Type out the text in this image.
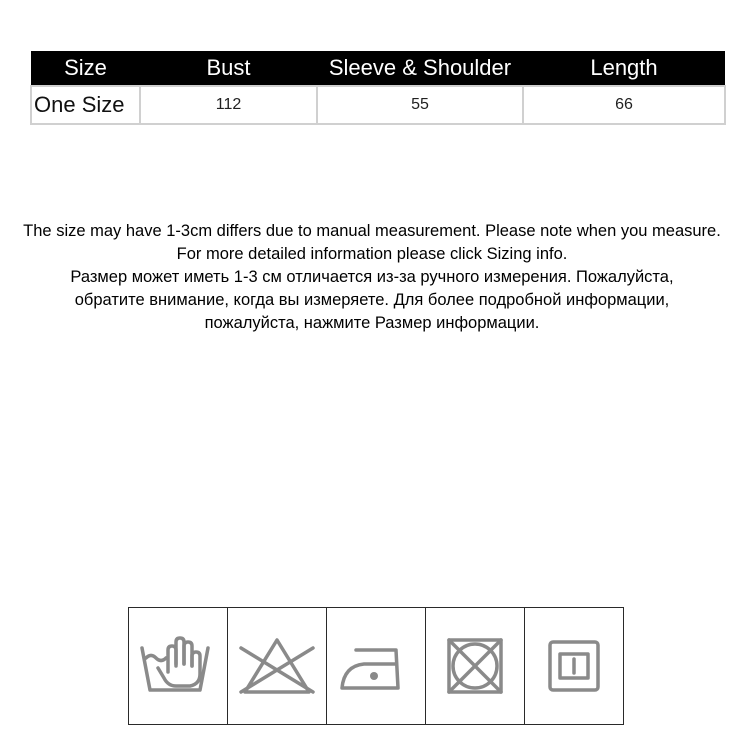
Size	Bust	Sleeve & Shoulder	Length
One Size	112	55	66

The size may have 1-3cm differs due to manual measurement. Please note when you measure. For more detailed information please click Sizing info.

Размер может иметь 1-3 см отличается из-за ручного измерения. Пожалуйста,

обратите внимание, когда вы измеряете. Для более подробной информации,

пожалуйста, нажмите Размер информации.
